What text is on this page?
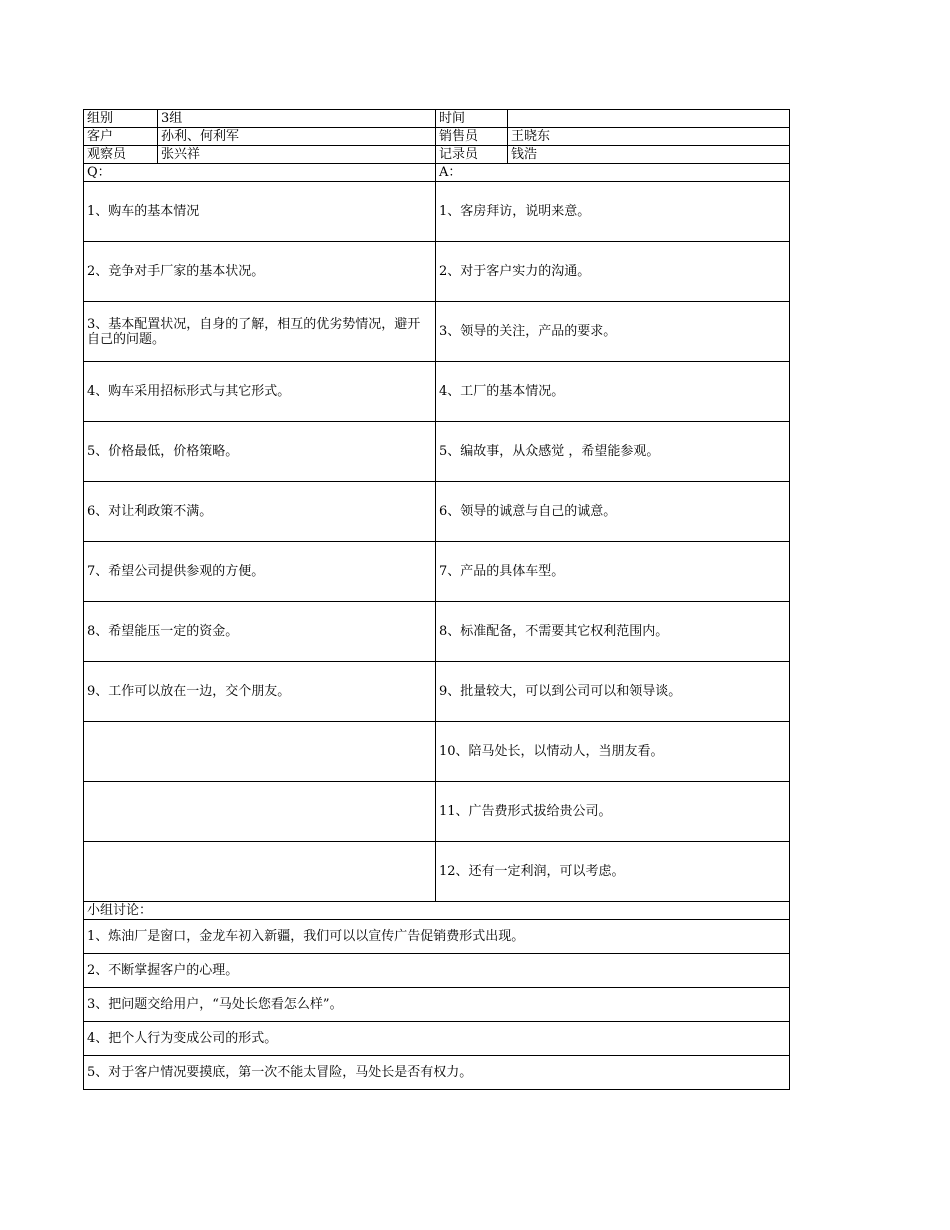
组别	3组	时间	
客户	孙利、何利军	销售员	王晓东
观察员	张兴祥	记录员	钱浩
Q：		A：	
1、购车的基本情况		1、客房拜访，说明来意。	
2、竞争对手厂家的基本状况。		2、对于客户实力的沟通。	
3、基本配置状况，自身的了解，相互的优劣势情况，避开自己的问题。		3、领导的关注，产品的要求。	
4、购车采用招标形式与其它形式。		4、工厂的基本情况。	
5、价格最低，价格策略。		5、编故事，从众感觉 ，希望能参观。	
6、对让利政策不满。		6、领导的诚意与自己的诚意。	
7、希望公司提供参观的方便。		7、产品的具体车型。	
8、希望能压一定的资金。		8、标准配备，不需要其它权利范围内。	
9、工作可以放在一边，交个朋友。		9、批量较大，可以到公司可以和领导谈。	
		10、陪马处长，以情动人，当朋友看。	
		11、广告费形式拔给贵公司。	
		12、还有一定利润，可以考虑。	
小组讨论：			
1、炼油厂是窗口，金龙车初入新疆，我们可以以宣传广告促销费形式出现。			
2、不断掌握客户的心理。			
3、把问题交给用户，“马处长您看怎么样”。			
4、把个人行为变成公司的形式。			
5、对于客户情况要摸底，第一次不能太冒险，马处长是否有权力。			
